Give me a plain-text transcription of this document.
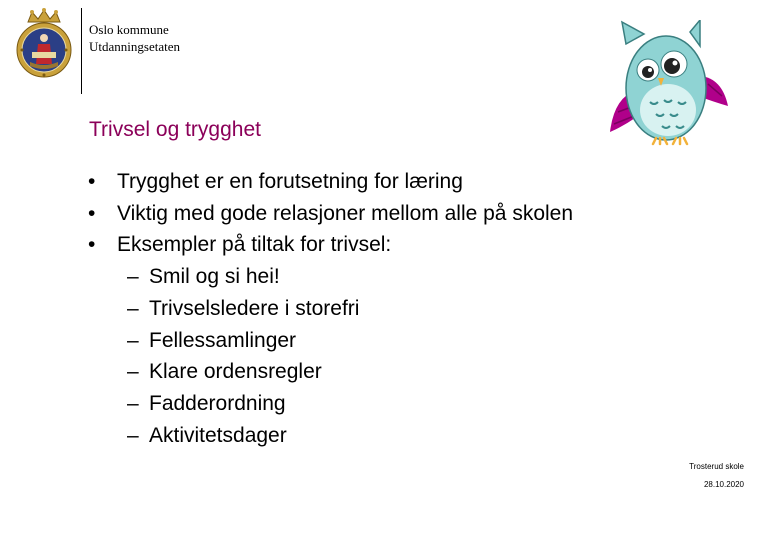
Oslo kommune
Utdanningsetaten
Trivsel og trygghet
• Trygghet er en forutsetning for læring
• Viktig med gode relasjoner mellom alle på skolen
• Eksempler på tiltak for trivsel:
– Smil og si hei!
– Trivselsledere i storefri
– Fellessamlinger
– Klare ordensregler
– Fadderordning
– Aktivitetsdager
Trosterud skole
28.10.2020
